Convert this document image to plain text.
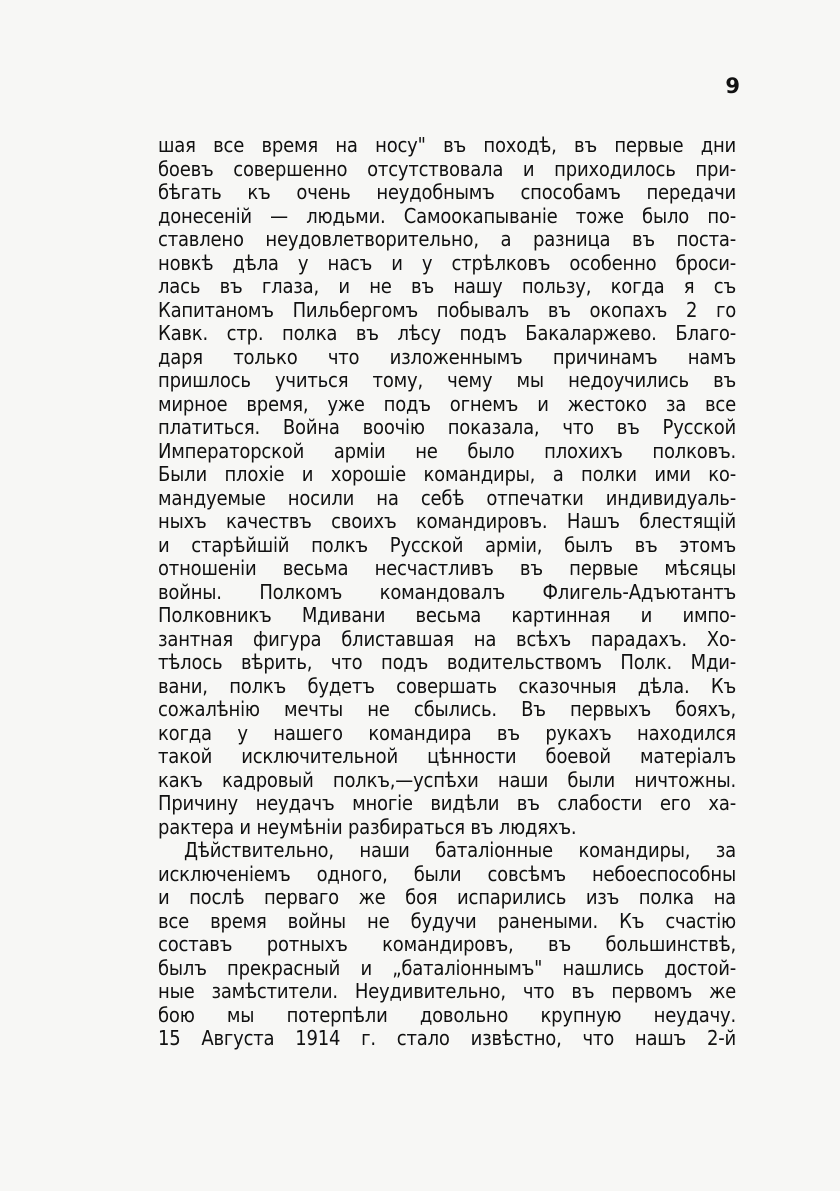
9
шая все время на носу" въ походѣ, въ первые дни
боевъ совершенно отсутствовала и приходилось при-
бѣгать къ очень неудобнымъ способамъ передачи
донесеній — людьми. Самоокапываніе тоже было по-
ставлено неудовлетворительно, а разница въ поста-
новкѣ дѣла у насъ и у стрѣлковъ особенно броси-
лась въ глаза, и не въ нашу пользу, когда я съ
Капитаномъ Пильбергомъ побывалъ въ окопахъ 2 го
Кавк. стр. полка въ лѣсу подъ Бакаларжево. Благо-
даря только что изложеннымъ причинамъ намъ
пришлось учиться тому, чему мы недоучились въ
мирное время, уже подъ огнемъ и жестоко за все
платиться. Война воочію показала, что въ Русской
Императорской арміи не было плохихъ полковъ.
Были плохіе и хорошіе командиры, а полки ими ко-
мандуемые носили на себѣ отпечатки индивидуаль-
ныхъ качествъ своихъ командировъ. Нашъ блестящій
и старѣйшій полкъ Русской арміи, былъ въ этомъ
отношеніи весьма несчастливъ въ первые мѣсяцы
войны. Полкомъ командовалъ Флигель-Адъютантъ
Полковникъ Мдивани весьма картинная и импо-
зантная фигура блиставшая на всѣхъ парадахъ. Хо-
тѣлось вѣрить, что подъ водительствомъ Полк. Мди-
вани, полкъ будетъ совершать сказочныя дѣла. Къ
сожалѣнію мечты не сбылись. Въ первыхъ бояхъ,
когда у нашего командира въ рукахъ находился
такой исключительной цѣнности боевой матеріалъ
какъ кадровый полкъ,—успѣхи наши были ничтожны.
Причину неудачъ многіе видѣли въ слабости его ха-
рактера и неумѣніи разбираться въ людяхъ.
Дѣйствительно, наши баталіонные командиры, за
исключеніемъ одного, были совсѣмъ небоеспособны
и послѣ перваго же боя испарились изъ полка на
все время войны не будучи ранеными. Къ счастію
составъ ротныхъ командировъ, въ большинствѣ,
былъ прекрасный и „баталіоннымъ" нашлись достой-
ные замѣстители. Неудивительно, что въ первомъ же
бою мы потерпѣли довольно крупную неудачу.
15 Августа 1914 г. стало извѣстно, что нашъ 2-й
